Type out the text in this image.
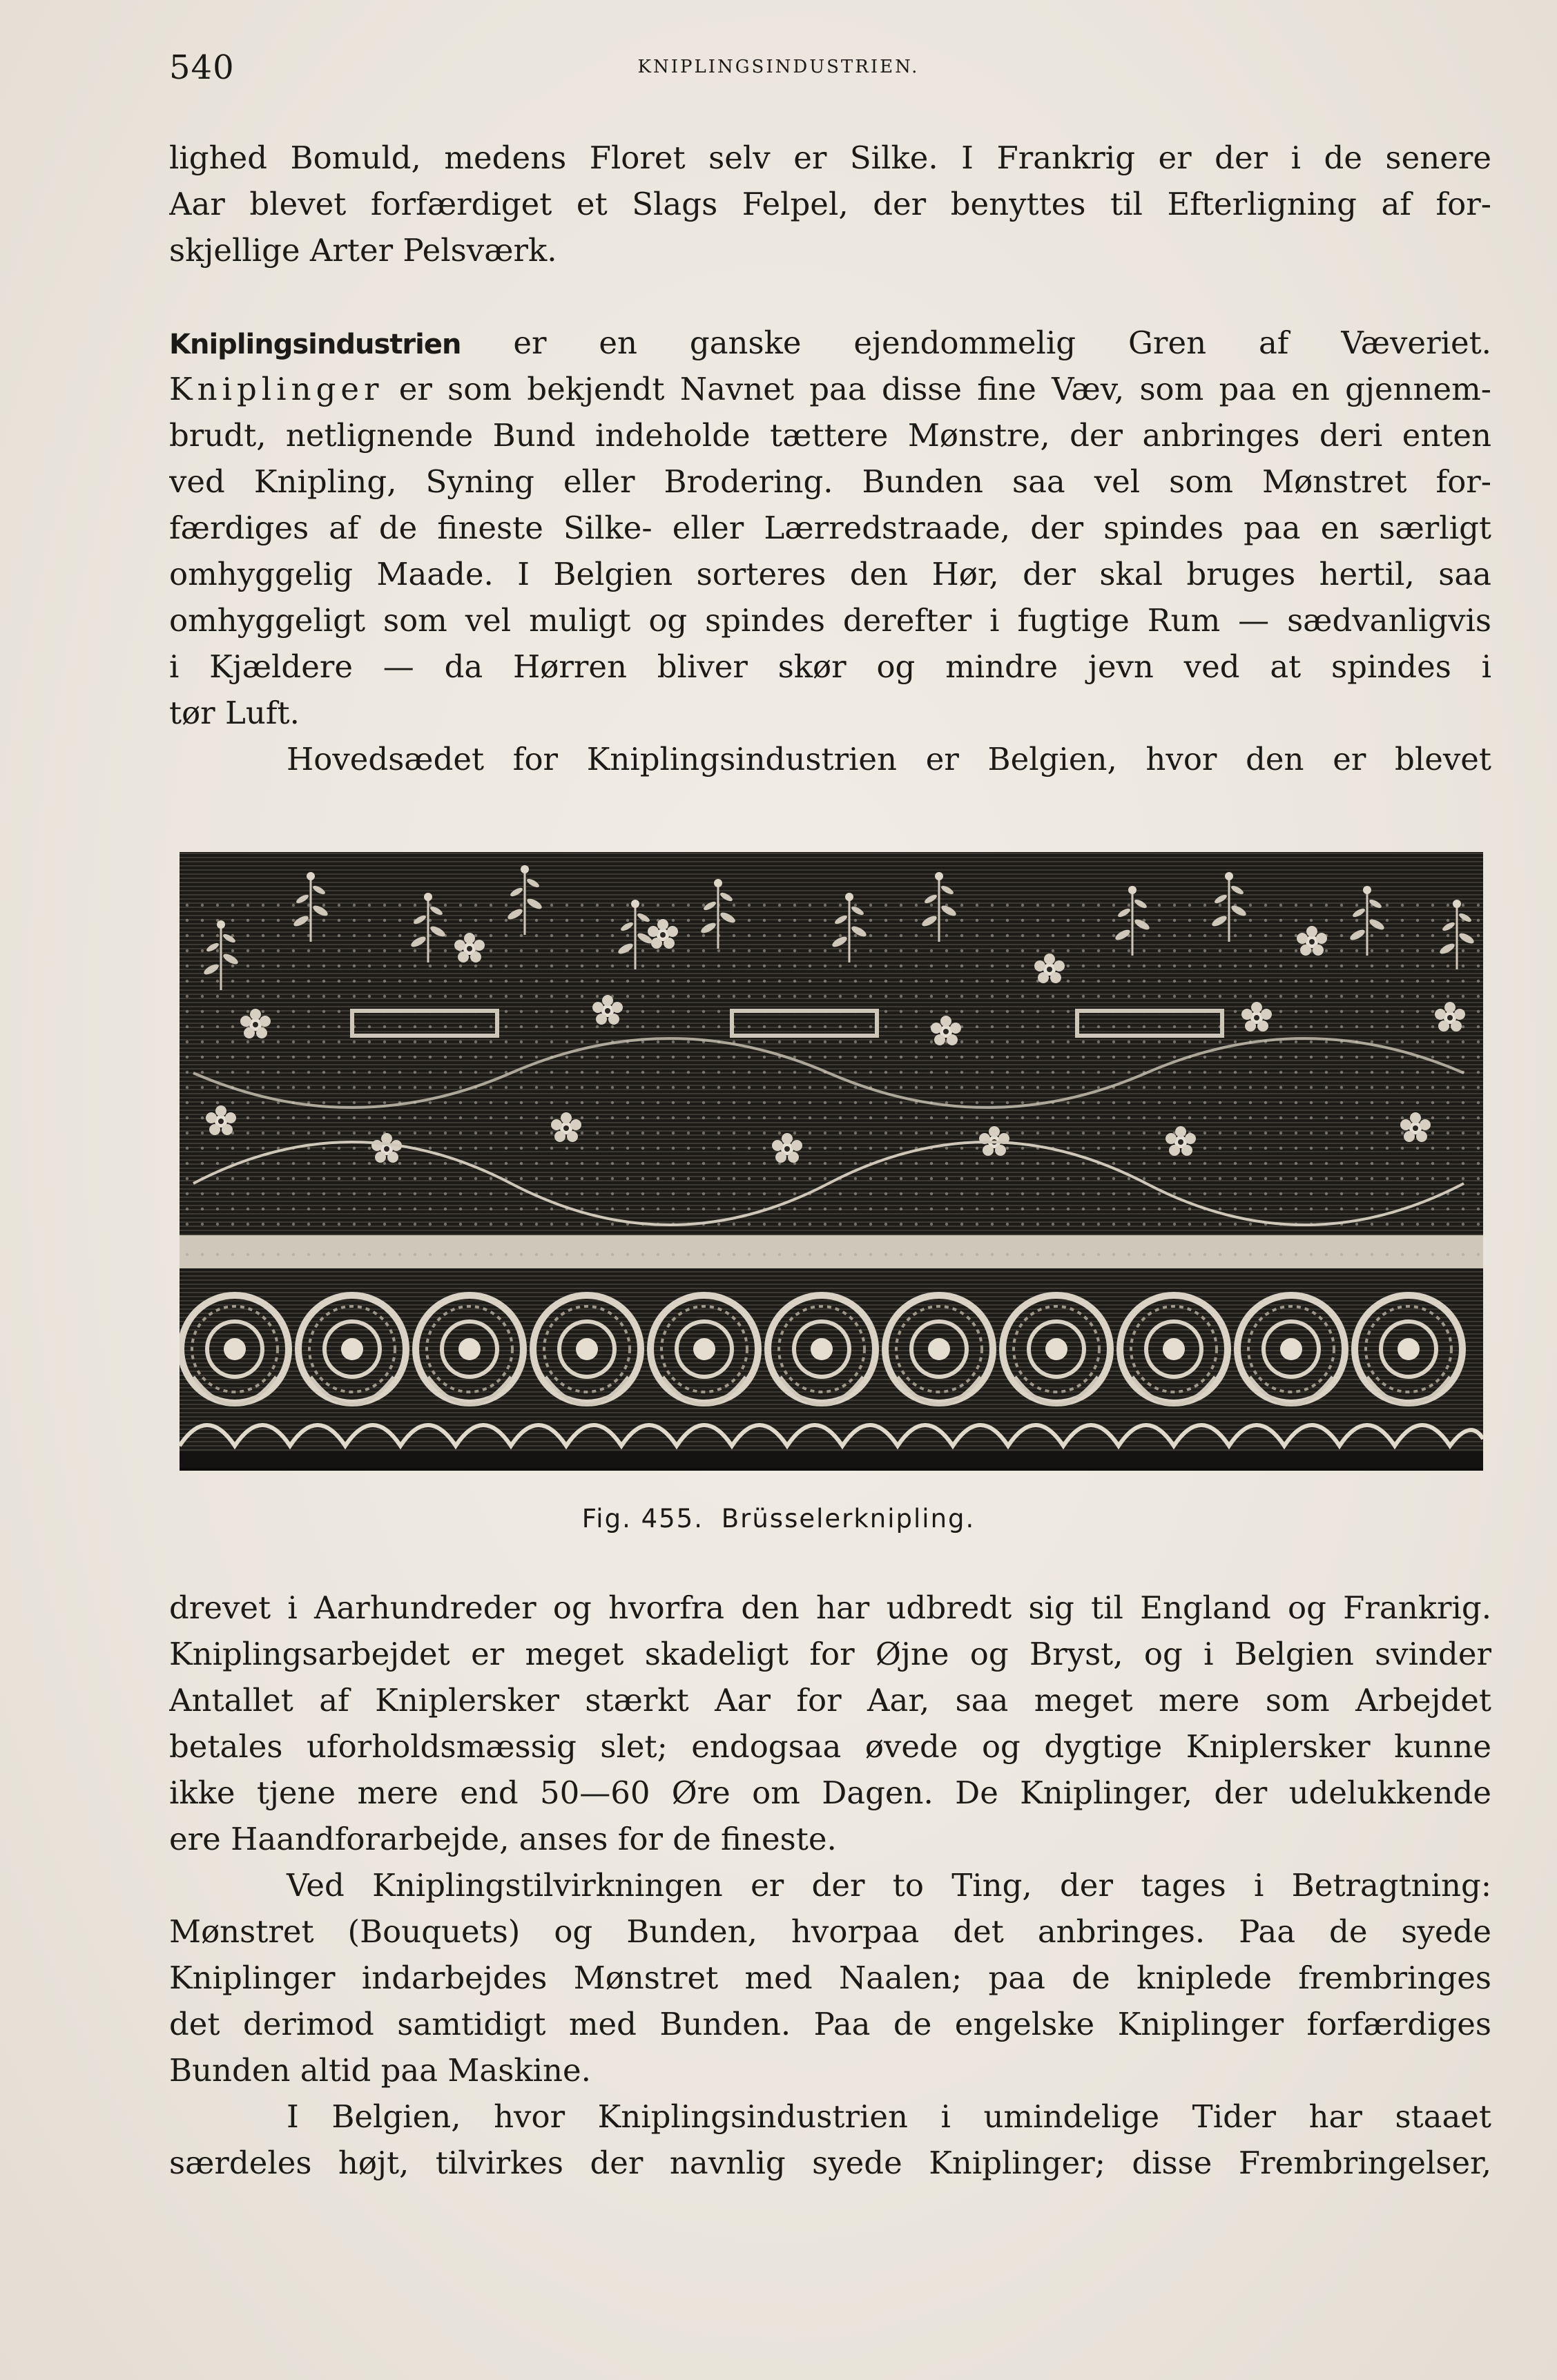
540	KNIPLINGSINDUSTRIEN.
lighed Bomuld, medens Floret selv er Silke. I Frankrig er der i de senere
Aar blevet forfærdiget et Slags Felpel, der benyttes til Efterligning af for-
skjellige Arter Pelsværk.
Kniplingsindustrien er en ganske ejendommelig Gren af Væveriet.
Kniplinger er som bekjendt Navnet paa disse fine Væv, som paa en gjennem-
brudt, netlignende Bund indeholde tættere Mønstre, der anbringes deri enten
ved Knipling, Syning eller Brodering. Bunden saa vel som Mønstret for-
færdiges af de fineste Silke- eller Lærredstraade, der spindes paa en særligt
omhyggelig Maade. I Belgien sorteres den Hør, der skal bruges hertil, saa
omhyggeligt som vel muligt og spindes derefter i fugtige Rum — sædvanligvis
i Kjældere — da Hørren bliver skør og mindre jevn ved at spindes i
tør Luft.
Hovedsædet for Kniplingsindustrien er Belgien, hvor den er blevet
Fig. 455. Brüsselerknipling.
drevet i Aarhundreder og hvorfra den har udbredt sig til England og Frankrig.
Kniplingsarbejdet er meget skadeligt for Øjne og Bryst, og i Belgien svinder
Antallet af Kniplersker stærkt Aar for Aar, saa meget mere som Arbejdet
betales uforholdsmæssig slet; endogsaa øvede og dygtige Kniplersker kunne
ikke tjene mere end 50—60 Øre om Dagen. De Kniplinger, der udelukkende
ere Haandforarbejde, anses for de fineste.
Ved Kniplingstilvirkningen er der to Ting, der tages i Betragtning:
Mønstret (Bouquets) og Bunden, hvorpaa det anbringes. Paa de syede
Kniplinger indarbejdes Mønstret med Naalen; paa de kniplede frembringes
det derimod samtidigt med Bunden. Paa de engelske Kniplinger forfærdiges
Bunden altid paa Maskine.
I Belgien, hvor Kniplingsindustrien i umindelige Tider har staaet
særdeles højt, tilvirkes der navnlig syede Kniplinger; disse Frembringelser,
